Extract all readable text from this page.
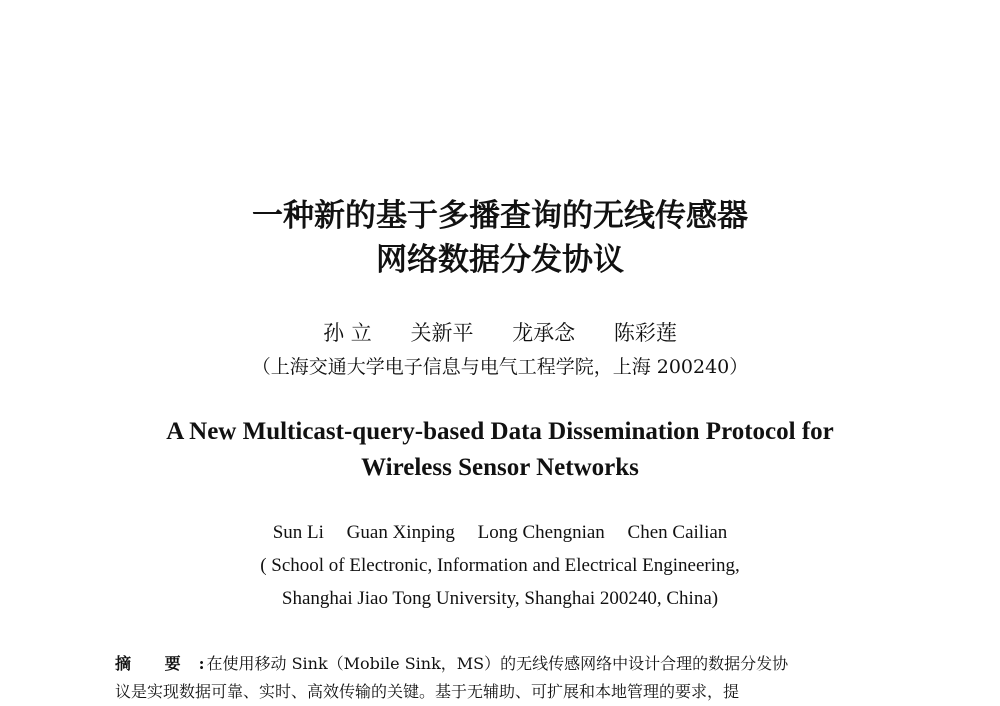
一种新的基于多播查询的无线传感器
网络数据分发协议
孙 立 关新平 龙承念 陈彩莲
（上海交通大学电子信息与电气工程学院，上海 200240）
A New Multicast-query-based Data Dissemination Protocol for
Wireless Sensor Networks
Sun Li Guan Xinping Long Chengnian Chen Cailian
( School of Electronic, Information and Electrical Engineering,
Shanghai Jiao Tong University, Shanghai 200240, China)
摘 要 : 在使用移动 Sink（Mobile Sink，MS）的无线传感网络中设计合理的数据分发协
议是实现数据可靠、实时、高效传输的关键。基于无辅助、可扩展和本地管理的要求，提
